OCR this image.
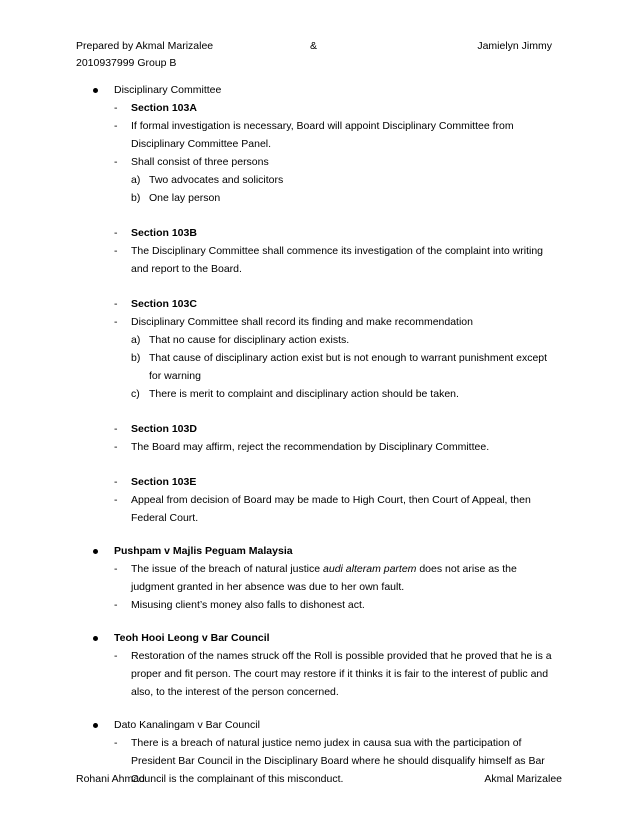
Prepared by Akmal Marizalee	&	Jamielyn Jimmy
2010937999 Group B
Disciplinary Committee
- Section 103A
- If formal investigation is necessary, Board will appoint Disciplinary Committee from Disciplinary Committee Panel.
- Shall consist of three persons
a) Two advocates and solicitors
b) One lay person
- Section 103B
- The Disciplinary Committee shall commence its investigation of the complaint into writing and report to the Board.
- Section 103C
- Disciplinary Committee shall record its finding and make recommendation
a) That no cause for disciplinary action exists.
b) That cause of disciplinary action exist but is not enough to warrant punishment except for warning
c) There is merit to complaint and disciplinary action should be taken.
- Section 103D
- The Board may affirm, reject the recommendation by Disciplinary Committee.
- Section 103E
- Appeal from decision of Board may be made to High Court, then Court of Appeal, then Federal Court.
Pushpam v Majlis Peguam Malaysia
- The issue of the breach of natural justice audi alteram partem does not arise as the judgment granted in her absence was due to her own fault.
- Misusing client’s money also falls to dishonest act.
Teoh Hooi Leong v Bar Council
- Restoration of the names struck off the Roll is possible provided that he proved that he is a proper and fit person. The court may restore if it thinks it is fair to the interest of public and also, to the interest of the person concerned.
Dato Kanalingam v Bar Council
- There is a breach of natural justice nemo judex in causa sua with the participation of President Bar Council in the Disciplinary Board where he should disqualify himself as Bar Council is the complainant of this misconduct.
Rohani Ahmad	Akmal Marizalee
